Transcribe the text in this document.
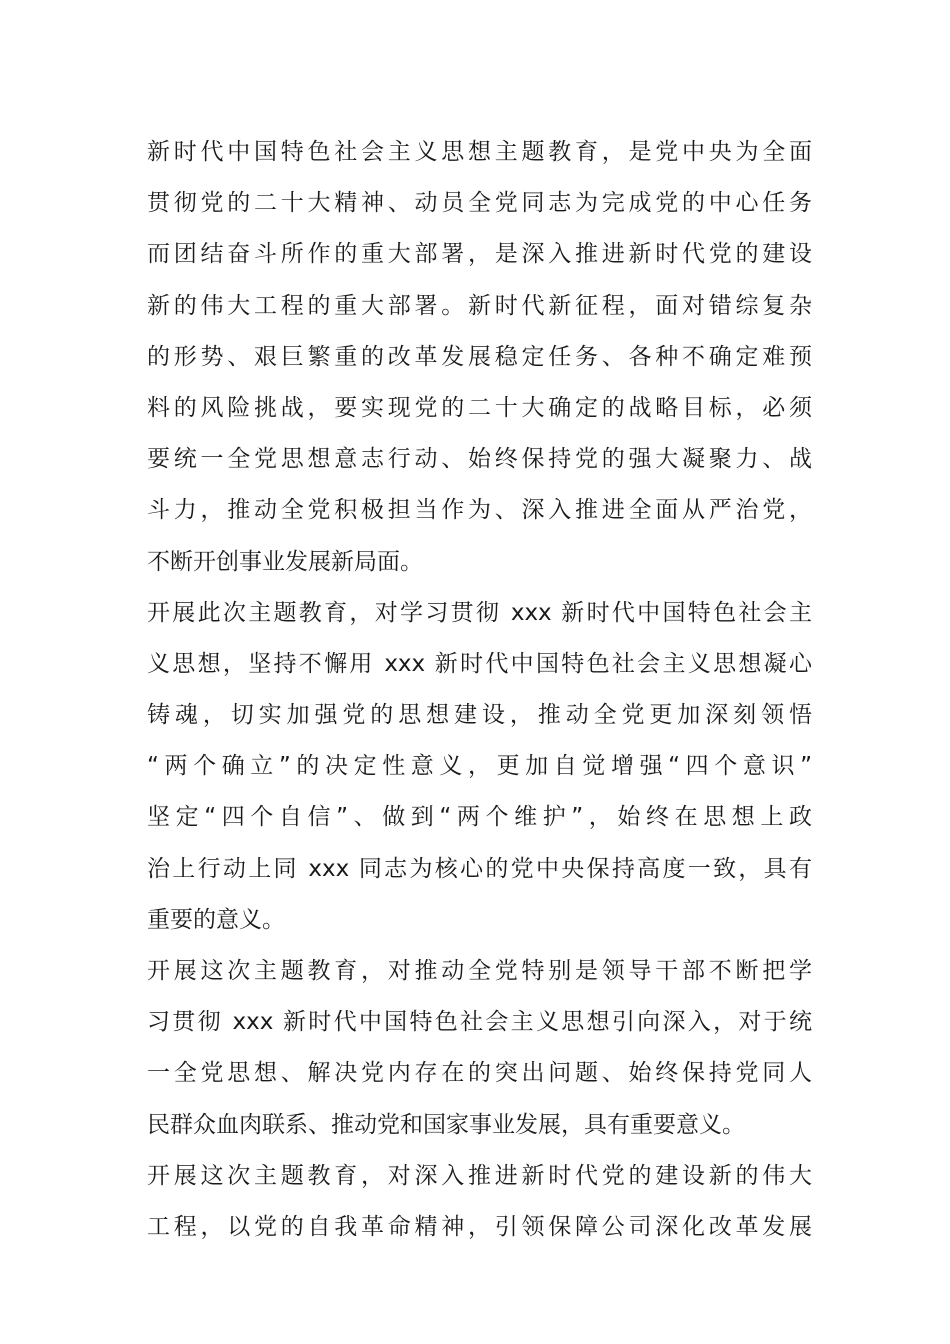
新时代中国特色社会主义思想主题教育，是党中央为全面
贯彻党的二十大精神、动员全党同志为完成党的中心任务
而团结奋斗所作的重大部署，是深入推进新时代党的建设
新的伟大工程的重大部署。新时代新征程，面对错综复杂
的形势、艰巨繁重的改革发展稳定任务、各种不确定难预
料的风险挑战，要实现党的二十大确定的战略目标，必须
要统一全党思想意志行动、始终保持党的强大凝聚力、战
斗力，推动全党积极担当作为、深入推进全面从严治党，
不断开创事业发展新局面。
开展此次主题教育，对学习贯彻 xxx 新时代中国特色社会主
义思想，坚持不懈用 xxx 新时代中国特色社会主义思想凝心
铸魂，切实加强党的思想建设，推动全党更加深刻领悟
“两个确立”的决定性意义，更加自觉增强“四个意识”
坚定“四个自信”、做到“两个维护”，始终在思想上政
治上行动上同 xxx 同志为核心的党中央保持高度一致，具有
重要的意义。
开展这次主题教育，对推动全党特别是领导干部不断把学
习贯彻 xxx 新时代中国特色社会主义思想引向深入，对于统
一全党思想、解决党内存在的突出问题、始终保持党同人
民群众血肉联系、推动党和国家事业发展，具有重要意义。
开展这次主题教育，对深入推进新时代党的建设新的伟大
工程，以党的自我革命精神，引领保障公司深化改革发展
